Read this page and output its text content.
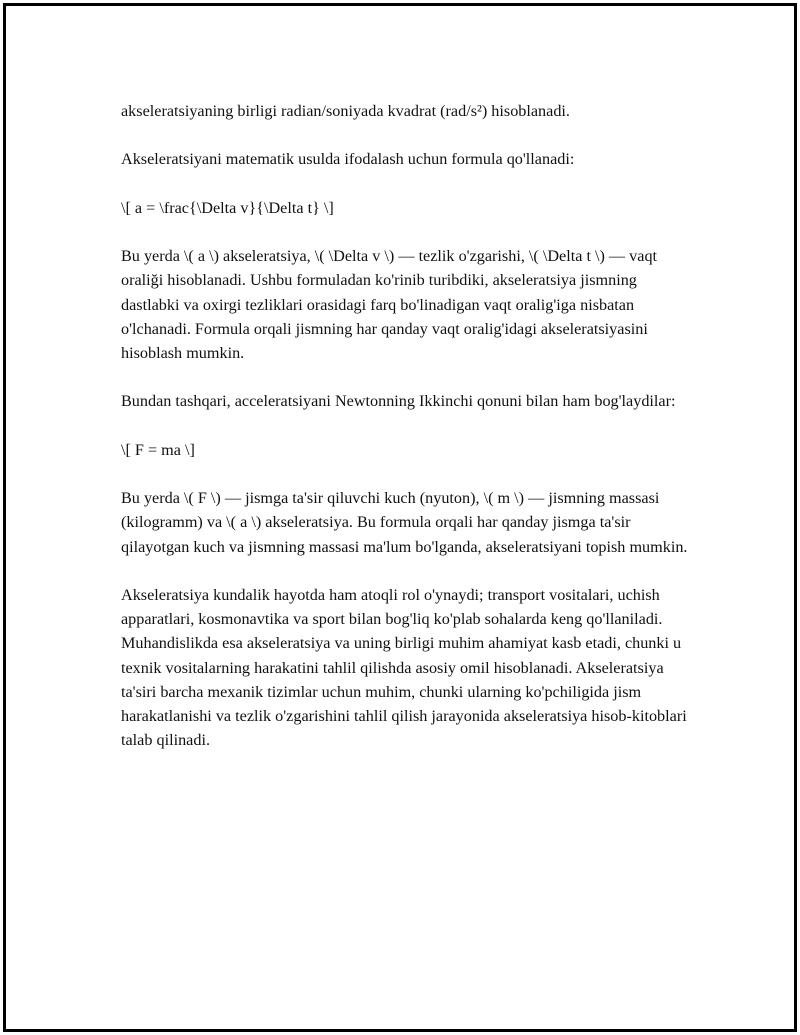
akseleratsiyaning birligi radian/soniyada kvadrat (rad/s²) hisoblanadi.

Akseleratsiyani matematik usulda ifodalash uchun formula qo'llanadi:

\[ a = \frac{\Delta v}{\Delta t} \]

Bu yerda \( a \) akseleratsiya, \( \Delta v \) — tezlik o'zgarishi, \( \Delta t \) — vaqt oraliği hisoblanadi. Ushbu formuladan ko'rinib turibdiki, akseleratsiya jismning dastlabki va oxirgi tezliklari orasidagi farq bo'linadigan vaqt oralig'iga nisbatan o'lchanadi. Formula orqali jismning har qanday vaqt oralig'idagi akseleratsiyasini hisoblash mumkin.

Bundan tashqari, acceleratsiyani Newtonning Ikkinchi qonuni bilan ham bog'laydilar:

\[ F = ma \]

Bu yerda \( F \) — jismga ta'sir qiluvchi kuch (nyuton), \( m \) — jismning massasi (kilogramm) va \( a \) akseleratsiya. Bu formula orqali har qanday jismga ta'sir qilayotgan kuch va jismning massasi ma'lum bo'lganda, akseleratsiyani topish mumkin.

Akseleratsiya kundalik hayotda ham atoqli rol o'ynaydi; transport vositalari, uchish apparatlari, kosmonavtika va sport bilan bog'liq ko'plab sohalarda keng qo'llaniladi. Muhandislikda esa akseleratsiya va uning birligi muhim ahamiyat kasb etadi, chunki u texnik vositalarning harakatini tahlil qilishda asosiy omil hisoblanadi. Akseleratsiya ta'siri barcha mexanik tizimlar uchun muhim, chunki ularning ko'pchiligida jism harakatlanishi va tezlik o'zgarishini tahlil qilish jarayonida akseleratsiya hisob-kitoblari talab qilinadi.
